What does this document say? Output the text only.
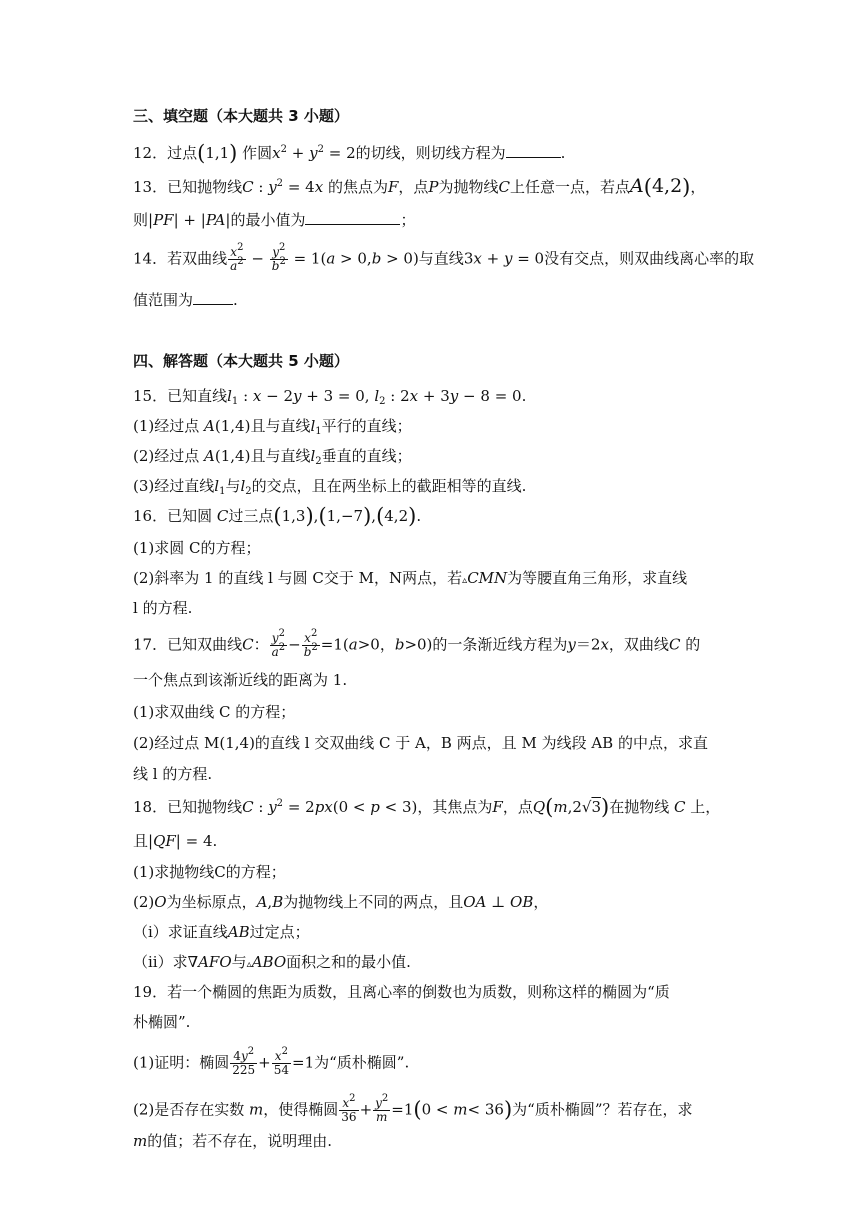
三、填空题（本大题共 3 小题）
12．过点(1,1) 作圆$x^2 + y^2 = 2$的切线，则切线方程为	.
13．已知抛物线C : $y^2 = 4x$ 的焦点为F，点P为抛物线C上任意一点，若点A(4,2)，
则|PF| + |PA|的最小值为	；
14．若双曲线 $\frac{x^2}{a^2} - \frac{y^2}{b^2} = 1(a > 0,b > 0)$与直线3x + y = 0没有交点，则双曲线离心率的取
值范围为	.
四、解答题（本大题共 5 小题）
15．已知直线$l_1$ : x − 2y + 3 = 0, $l_2$ : 2x + 3y − 8 = 0.
(1)经过点 A(1,4)且与直线$l_1$平行的直线；
(2)经过点 A(1,4)且与直线$l_2$垂直的直线；
(3)经过直线$l_1$与$l_2$的交点，且在两坐标上的截距相等的直线.
16．已知圆 C过三点(1,3),(1,−7),(4,2).
(1)求圆 C的方程；
(2)斜率为 1 的直线 l 与圆 C交于 M，N两点，若▵CMN为等腰直角三角形，求直线
l 的方程.
17．已知双曲线C： $\frac{y^2}{a^2} - \frac{x^2}{b^2} =1(a>0$，b>0)的一条渐近线方程为y＝2x，双曲线C 的
一个焦点到该渐近线的距离为 1.
(1)求双曲线 C 的方程；
(2)经过点 M(1,4)的直线 l 交双曲线 C 于 A，B 两点，且 M 为线段 AB 的中点，求直
线 l 的方程.
18．已知抛物线C : $y^2 = 2px(0 < p < 3)$，其焦点为F，点Q(m,2√3)在抛物线 C 上，
且|QF| = 4.
(1)求抛物线C的方程；
(2)O为坐标原点，A,B为抛物线上不同的两点，且OA ⊥ OB，
（i）求证直线AB过定点；
（ii）求∇AFO与▵ABO面积之和的最小值.
19．若一个椭圆的焦距为质数，且离心率的倒数也为质数，则称这样的椭圆为“质
朴椭圆”.
(1)证明：椭圆 $\frac{4y^2}{225} + \frac{x^2}{54} =1$为“质朴椭圆”.
(2)是否存在实数 m，使得椭圆 $\frac{x^2}{36} + \frac{y^2}{m} =1(0 < m< 36)$为“质朴椭圆”？若存在，求
m的值；若不存在，说明理由.
